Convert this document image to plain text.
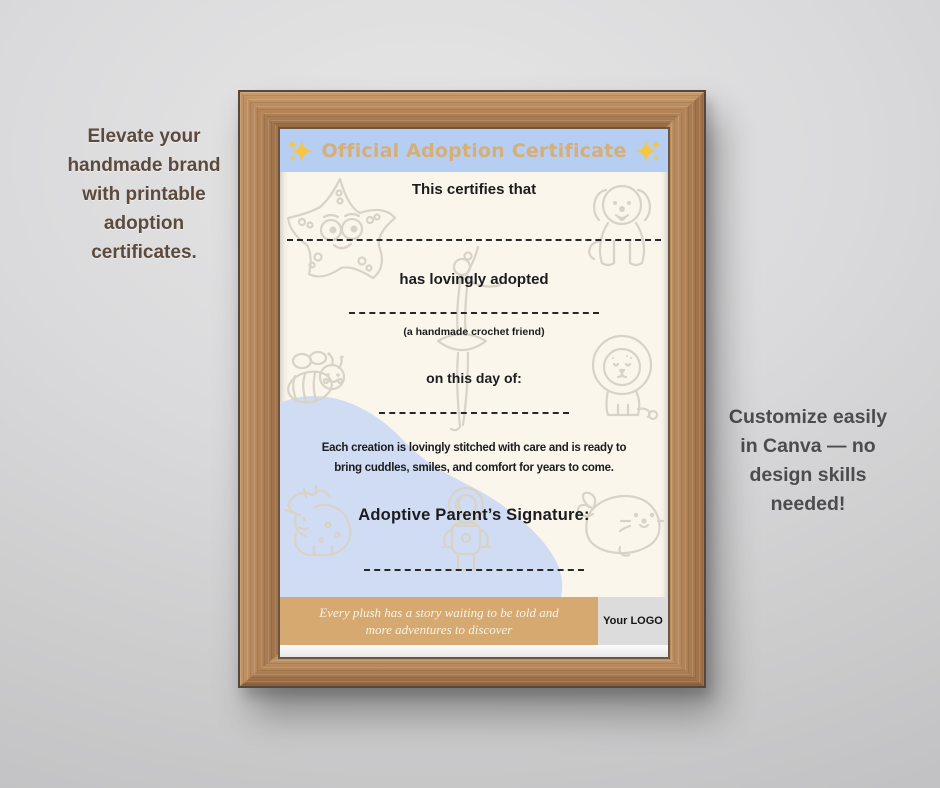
Elevate your
handmade brand
with printable
adoption
certificates.
Customize easily
in Canva — no
design skills
needed!
This certifies that
has lovingly adopted
(a handmade crochet friend)
on this day of:
Each creation is lovingly stitched with care and is ready to
bring cuddles, smiles, and comfort for years to come.
Adoptive Parent’s Signature:
Official Adoption Certificate
Every plush has a story waiting to be told and
more adventures to discover
Your LOGO
